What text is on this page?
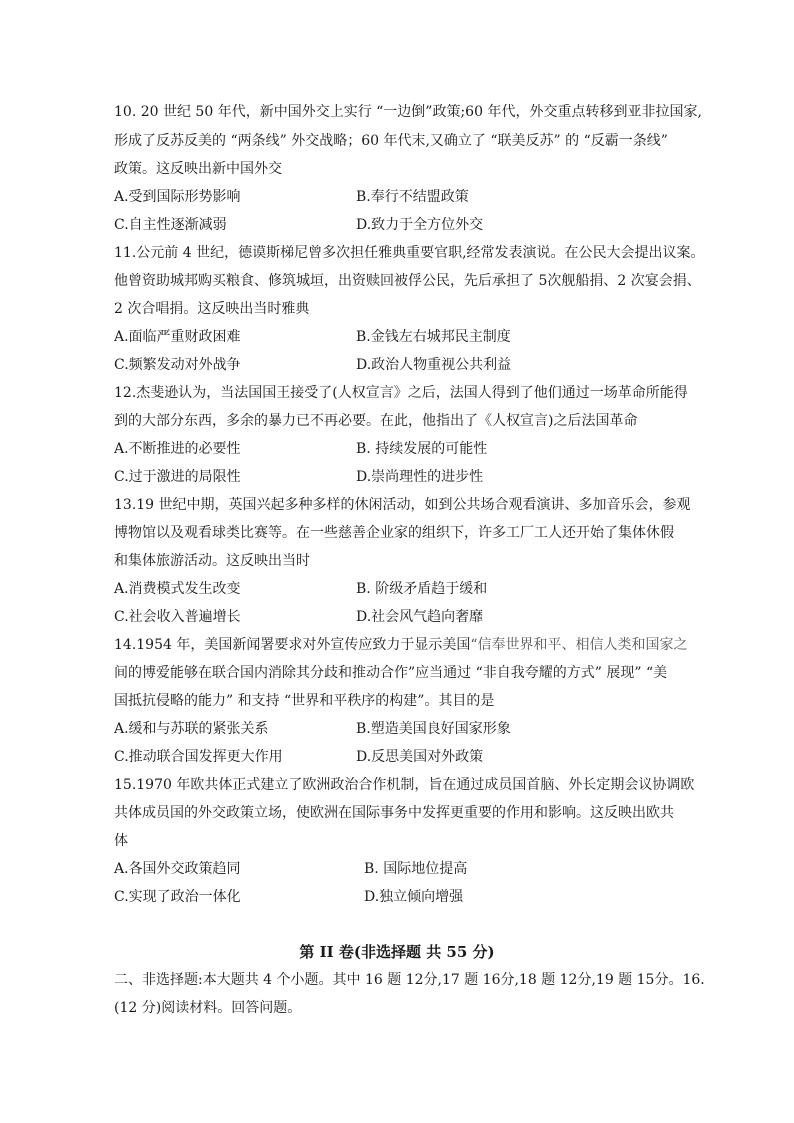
10. 20 世纪 50 年代，新中国外交上实行 “一边倒”政策;60 年代，外交重点转移到亚非拉国家,
形成了反苏反美的 “两条线” 外交战略；60 年代末,又确立了 “联美反苏” 的 “反霸一条线”
政策。这反映出新中国外交
A.受到国际形势影响	B.奉行不结盟政策
C.自主性逐渐减弱	D.致力于全方位外交
11.公元前 4 世纪，德谟斯梯尼曾多次担任雅典重要官职,经常发表演说。在公民大会提出议案。
他曾资助城邦购买粮食、修筑城垣，出资赎回被俘公民，先后承担了 5次舰船捐、2 次宴会捐、
2 次合唱捐。这反映出当时雅典
A.面临严重财政困难	B.金钱左右城邦民主制度
C.频繁发动对外战争	D.政治人物重视公共利益
12.杰斐逊认为，当法国国王接受了(人权宣言》之后，法国人得到了他们通过一场革命所能得
到的大部分东西，多余的暴力已不再必要。在此，他指出了《人权宣言)之后法国革命
A.不断推进的必要性	B. 持续发展的可能性
C.过于激进的局限性	D.崇尚理性的进步性
13.19 世纪中期，英国兴起多种多样的休闲活动，如到公共场合观看演讲、多加音乐会，参观
博物馆以及观看球类比赛等。在一些慈善企业家的组织下，许多工厂工人还开始了集体休假
和集体旅游活动。这反映出当时
A.消费模式发生改变	B. 阶级矛盾趋于缓和
C.社会收入普遍增长	D.社会风气趋向奢靡
14.1954 年，美国新闻署要求对外宣传应致力于显示美国“信奉世界和平、相信人类和国家之
间的博爱能够在联合国内消除其分歧和推动合作”应当通过 “非自我夸耀的方式” 展现” “美
国抵抗侵略的能力” 和支持 “世界和平秩序的构建”。其目的是
A.缓和与苏联的紧张关系	B.塑造美国良好国家形象
C.推动联合国发挥更大作用	D.反思美国对外政策
15.1970 年欧共体正式建立了欧洲政治合作机制，旨在通过成员国首脑、外长定期会议协调欧
共体成员国的外交政策立场，使欧洲在国际事务中发挥更重要的作用和影响。这反映出欧共
体
A.各国外交政策趋同	B. 国际地位提高
C.实现了政治一体化	D.独立倾向增强
第 II 卷(非选择题 共 55 分)
二、非选择题:本大题共 4 个小题。其中 16 题 12分,17 题 16分,18 题 12分,19 题 15分。16.
(12 分)阅读材料。回答问题。
